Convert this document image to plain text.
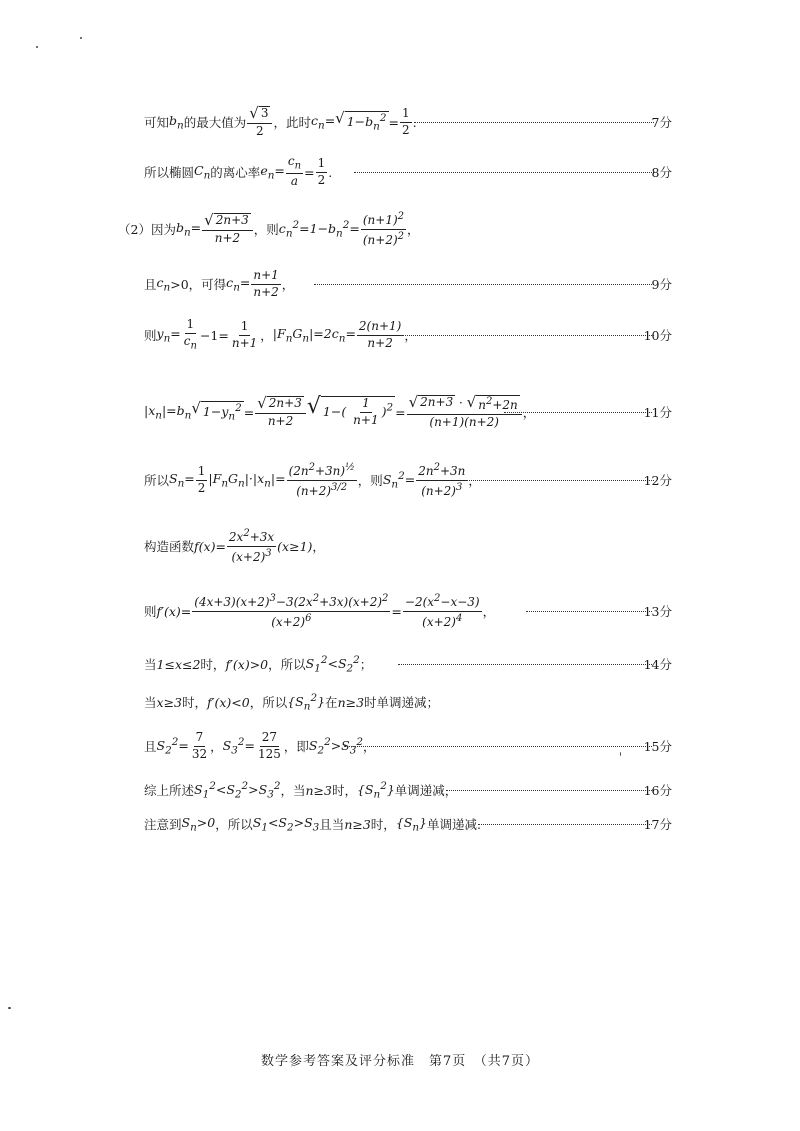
可知 $b_n$ 的最大值为 $\frac{√ 3}{2}$ ，此时 $c_n=$ √ $1-b_n^2 = \frac{1}{2}$ .	7分
所以椭圆 $C_n$ 的离心率 $e_n= \frac{c_n}{a} = \frac{1}{2}$ .	8分
（2）因为 $b_n= \frac{√ 2n+3}{n+2}$ ，则 $c_n^2=1-b_n^2= \frac{(n+1)^2}{(n+2)^2}$ ，
且 $c_n >0$，可得 $c_n= \frac{n+1}{n+2}$ ，	9分
则 $y_n= \frac{1}{c_n} -1= \frac{1}{n+1}$ ， $|F_nG_n|=2c_n= \frac{2(n+1)}{n+2}$ ，	10分
$|x_n|=b_n$ √ $1-y_n^2 = \frac{√ 2n+3}{n+2}$ √ $1-( \frac{1}{n+1} )^2 = \frac{√ 2n+3 \cdot √ n^2+2n}{(n+1)(n+2)}$ ，	11分
所以 $S_n= \frac{1}{2} |F_nG_n|\cdot|x_n|= \frac{(2n^2+3n)^{\frac{1}{2}}}{(n+2)^{3/2}}$ ，则 $S_n^2= \frac{2n^2+3n}{(n+2)^3}$ ，	12分
构造函数 $f(x)= \frac{2x^2+3x}{(x+2)^3} (x\ge 1)$ ，
则 $f'(x)= \frac{(4x+3)(x+2)^3-3(2x^2+3x)(x+2)^2}{(x+2)^6} = \frac{-2(x^2-x-3)}{(x+2)^4}$ ，	13分
当 1≤x≤2 时， f′(x)>0 ，所以 $S_1^2<S_2^2$ ；	14分
当 x≥3 时， f′(x)<0 ，所以 $\{S_n^2\}$ 在 n≥3 时单调递减；
且 $S_2^2= \frac{7}{32}$ ， $S_3^2= \frac{27}{125}$ ，即 $S_2^2>S_3^2$ ，	15分
综上所述 $S_1^2<S_2^2>S_3^2$ ，当 n≥3 时， $\{S_n^2\}$ 单调递减，	16分
注意到 $S_n>0$ ，所以 $S_1<S_2>S_3$ 且当 n≥3 时， $\{S_n\}$ 单调递减.	17分
数学参考答案及评分标准　第7页　（共7页）
